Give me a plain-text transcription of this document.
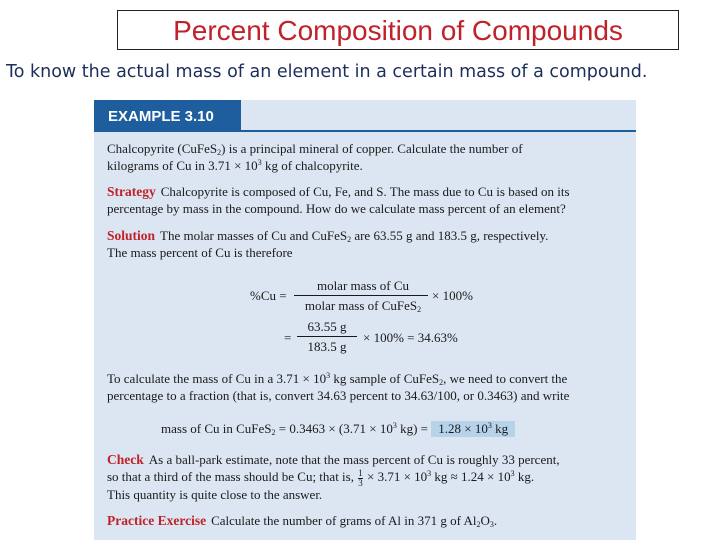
Percent Composition of Compounds
To know the actual mass of an element in a certain mass of a compound.
EXAMPLE 3.10
Chalcopyrite (CuFeS$_2$) is a principal mineral of copper. Calculate the number of
kilograms of Cu in $3.71 \times 10^3$ kg of chalcopyrite.
Strategy Chalcopyrite is composed of Cu, Fe, and S. The mass due to Cu is based on its
percentage by mass in the compound. How do we calculate mass percent of an element?
Solution The molar masses of Cu and CuFeS$_2$ are 63.55 g and 183.5 g, respectively.
The mass percent of Cu is therefore
%Cu =
molar mass of Cu
molar mass of CuFeS$_2$
× 100%
=
63.55 g
183.5 g
× 100% = 34.63%
To calculate the mass of Cu in a $3.71 \times 10^3$ kg sample of CuFeS$_2$, we need to convert the
percentage to a fraction (that is, convert 34.63 percent to 34.63/100, or 0.3463) and write
mass of Cu in CuFeS$_2$ = $0.3463 \times (3.71 \times 10^3$ $kg) = 1.28 \times 10^3$ kg
Check As a ball-park estimate, note that the mass percent of Cu is roughly 33 percent,
so that a third of the mass should be Cu; that is, $\frac{1}{3} \times 3.71 \times 10^3$ kg ≈ $1.24 \times 10^3$ kg.
This quantity is quite close to the answer.
Practice Exercise Calculate the number of grams of Al in 371 g of $Al_2O_3$.
